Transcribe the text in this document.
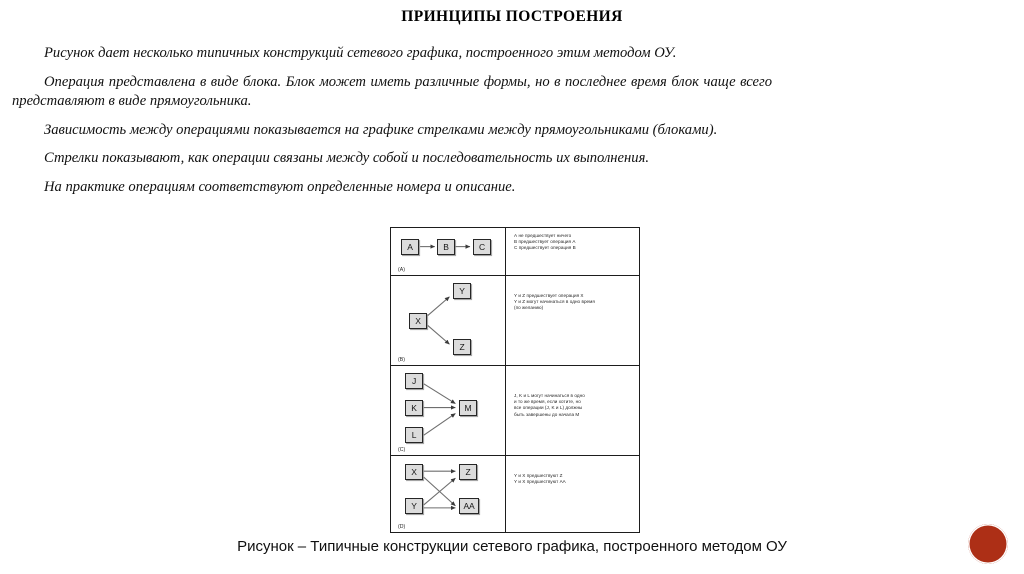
ПРИНЦИПЫ ПОСТРОЕНИЯ

Рисунок дает несколько типичных конструкций сетевого графика, построенного этим методом ОУ.

Операция представлена в виде блока. Блок может иметь различные формы, но в последнее время блок чаще всего представляют в виде прямоугольника.

Зависимость между операциями показывается на графике стрелками между прямоугольниками (блоками).

Стрелки показывают, как операции связаны между собой и последовательность их выполнения.

На практике операциям соответствуют определенные номера и описание.

A	B	C
(A)
А не предшествует ничего
В предшествует операция А
С предшествует операция В
X
Y
Z
(B)
Y и Z предшествует операция X
Y и Z могут начинаться в одно время
(по желанию)
J
K
L
M
(C)
J, K и L могут начинаться в одно
и то же время, если хотите, но
все операции (J, K и L) должны
быть завершены до начала M
X
Y
Z
AA
(D)
Y и X предшествуют Z
Y и X предшествуют AA
Рисунок – Типичные конструкции сетевого графика, построенного методом ОУ
